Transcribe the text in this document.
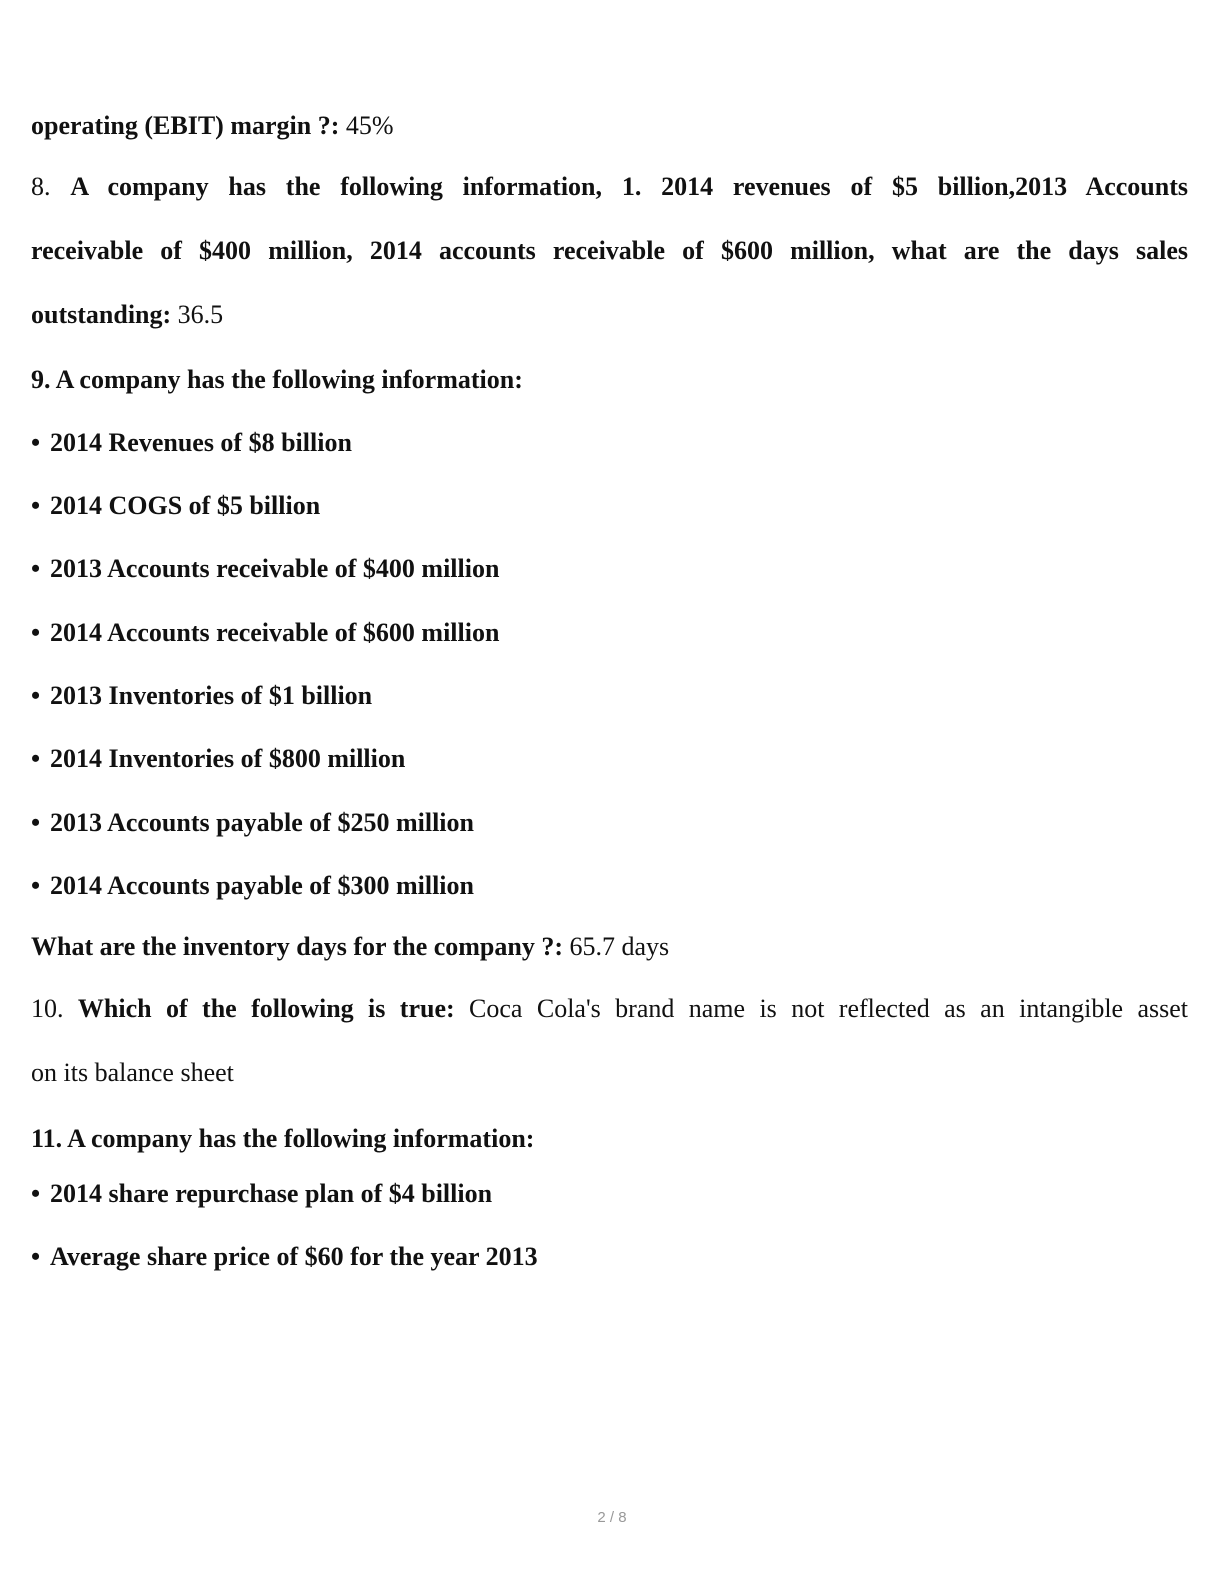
operating (EBIT) margin ?: 45%
8. A company has the following information, 1. 2014 revenues of $5 billion,2013 Accounts
receivable of $400 million, 2014 accounts receivable of $600 million, what are the days sales
outstanding: 36.5
9. A company has the following information:
• 2014 Revenues of $8 billion
• 2014 COGS of $5 billion
• 2013 Accounts receivable of $400 million
• 2014 Accounts receivable of $600 million
• 2013 Inventories of $1 billion
• 2014 Inventories of $800 million
• 2013 Accounts payable of $250 million
• 2014 Accounts payable of $300 million
What are the inventory days for the company ?: 65.7 days
10. Which of the following is true: Coca Cola's brand name is not reflected as an intangible asset
on its balance sheet
11. A company has the following information:
• 2014 share repurchase plan of $4 billion
• Average share price of $60 for the year 2013
2 / 8
